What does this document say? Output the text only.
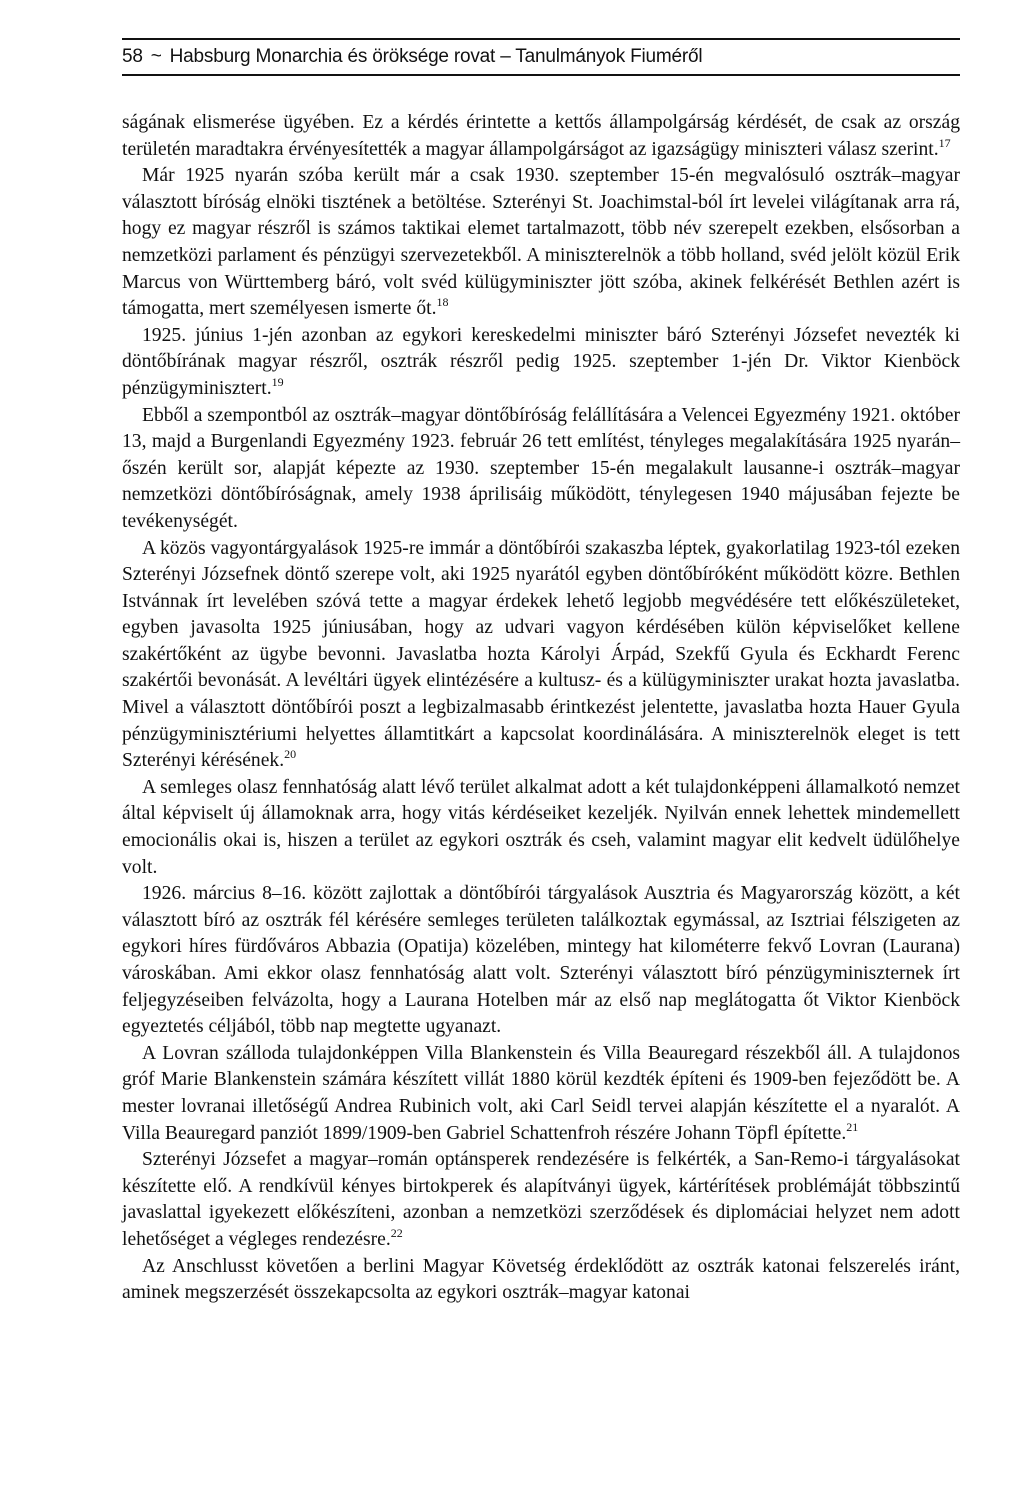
58 ~ Habsburg Monarchia és öröksége rovat – Tanulmányok Fiuméről

ságának elismerése ügyében. Ez a kérdés érintette a kettős állampolgárság kérdését, de csak az ország területén maradtakra érvényesítették a magyar állampolgárságot az igazságügy miniszteri válasz szerint.$^{17}$

Már 1925 nyarán szóba került már a csak 1930. szeptember 15-én megvalósuló osztrák–magyar választott bíróság elnöki tisztének a betöltése. Szterényi St. Joachimstal-ból írt levelei világítanak arra rá, hogy ez magyar részről is számos taktikai elemet tartalmazott, több név szerepelt ezekben, elsősorban a nemzetközi parlament és pénzügyi szervezetekből. A miniszterelnök a több holland, svéd jelölt közül Erik Marcus von Württemberg báró, volt svéd külügyminiszter jött szóba, akinek felkérését Bethlen azért is támogatta, mert személyesen ismerte őt.$^{18}$

1925. június 1-jén azonban az egykori kereskedelmi miniszter báró Szterényi Józsefet nevezték ki döntőbírának magyar részről, osztrák részről pedig 1925. szeptember 1-jén Dr. Viktor Kienböck pénzügyminisztert.$^{19}$

Ebből a szempontból az osztrák–magyar döntőbíróság felállítására a Velencei Egyezmény 1921. október 13, majd a Burgenlandi Egyezmény 1923. február 26 tett említést, tényleges megalakítására 1925 nyarán–őszén került sor, alapját képezte az 1930. szeptember 15-én megalakult lausanne-i osztrák–magyar nemzetközi döntőbíróságnak, amely 1938 áprilisáig működött, ténylegesen 1940 májusában fejezte be tevékenységét.

A közös vagyontárgyalások 1925-re immár a döntőbírói szakaszba léptek, gyakorlatilag 1923-tól ezeken Szterényi Józsefnek döntő szerepe volt, aki 1925 nyarától egyben döntőbíróként működött közre. Bethlen Istvánnak írt levelében szóvá tette a magyar érdekek lehető legjobb megvédésére tett előkészületeket, egyben javasolta 1925 júniusában, hogy az udvari vagyon kérdésében külön képviselőket kellene szakértőként az ügybe bevonni. Javaslatba hozta Károlyi Árpád, Szekfű Gyula és Eckhardt Ferenc szakértői bevonását. A levéltári ügyek elintézésére a kultusz- és a külügyminiszter urakat hozta javaslatba. Mivel a választott döntőbírói poszt a legbizalmasabb érintkezést jelentette, javaslatba hozta Hauer Gyula pénzügyminisztériumi helyettes államtitkárt a kapcsolat koordinálására. A miniszterelnök eleget is tett Szterényi kérésének.$^{20}$

A semleges olasz fennhatóság alatt lévő terület alkalmat adott a két tulajdonképpeni államalkotó nemzet által képviselt új államoknak arra, hogy vitás kérdéseiket kezeljék. Nyilván ennek lehettek mindemellett emocionális okai is, hiszen a terület az egykori osztrák és cseh, valamint magyar elit kedvelt üdülőhelye volt.

1926. március 8–16. között zajlottak a döntőbírói tárgyalások Ausztria és Magyarország között, a két választott bíró az osztrák fél kérésére semleges területen találkoztak egymással, az Isztriai félszigeten az egykori híres fürdőváros Abbazia (Opatija) közelében, mintegy hat kilométerre fekvő Lovran (Laurana) városkában. Ami ekkor olasz fennhatóság alatt volt. Szterényi választott bíró pénzügyminiszternek írt feljegyzéseiben felvázolta, hogy a Laurana Hotelben már az első nap meglátogatta őt Viktor Kienböck egyeztetés céljából, több nap megtette ugyanazt.

A Lovran szálloda tulajdonképpen Villa Blankenstein és Villa Beauregard részekből áll. A tulajdonos gróf Marie Blankenstein számára készített villát 1880 körül kezdték építeni és 1909-ben fejeződött be. A mester lovranai illetőségű Andrea Rubinich volt, aki Carl Seidl tervei alapján készítette el a nyaralót. A Villa Beauregard panziót 1899/1909-ben Gabriel Schattenfroh részére Johann Töpfl építette.$^{21}$

Szterényi Józsefet a magyar–román optánsperek rendezésére is felkérték, a San-Remo-i tárgyalásokat készítette elő. A rendkívül kényes birtokperek és alapítványi ügyek, kártérítések problémáját többszintű javaslattal igyekezett előkészíteni, azonban a nemzetközi szerződések és diplomáciai helyzet nem adott lehetőséget a végleges rendezésre.$^{22}$

Az Anschlusst követően a berlini Magyar Követség érdeklődött az osztrák katonai felszerelés iránt, aminek megszerzését összekapcsolta az egykori osztrák–magyar katonai
